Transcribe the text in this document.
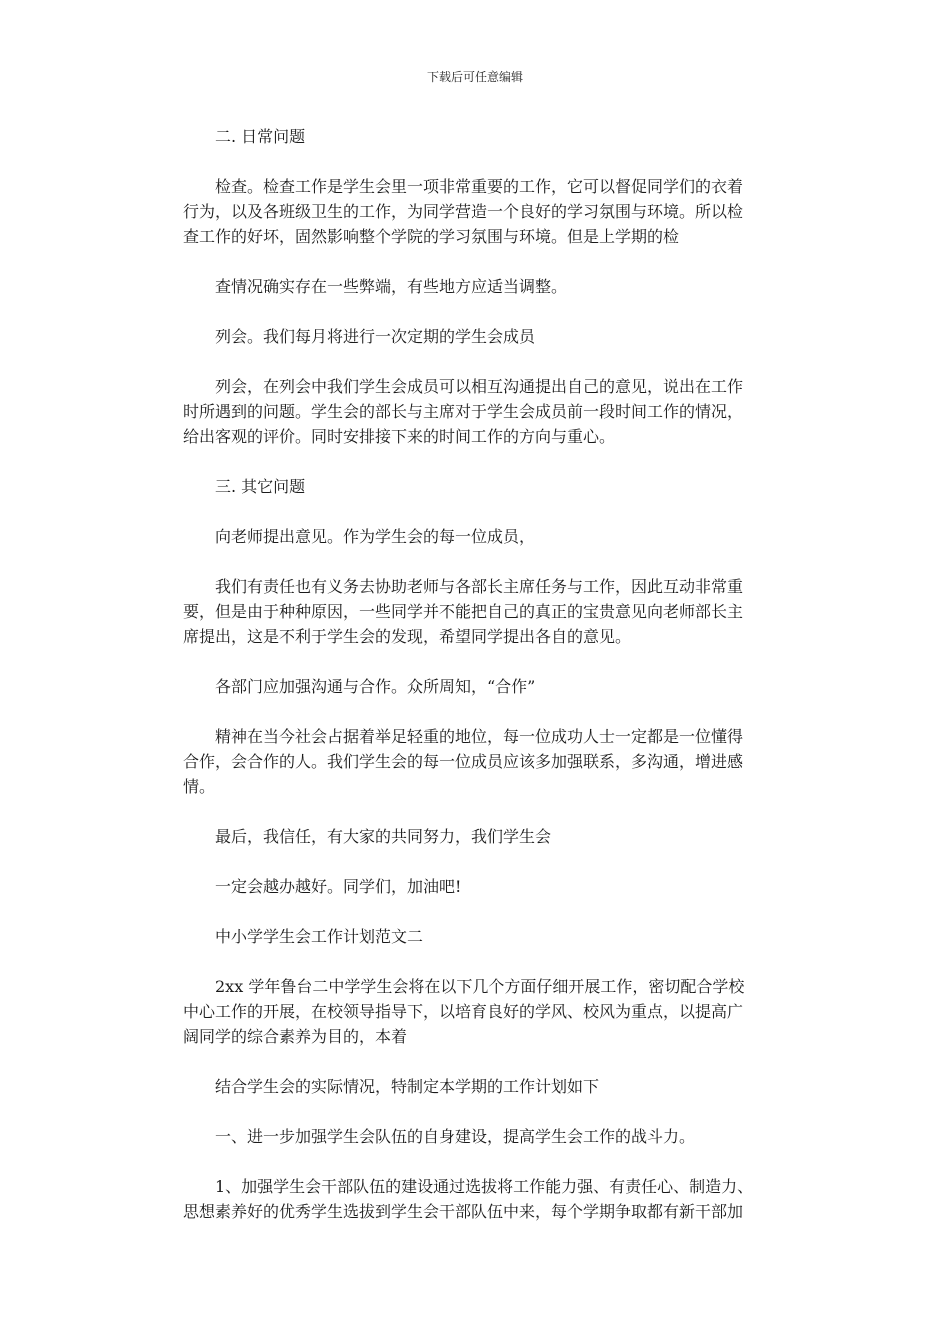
下载后可任意编辑
二. 日常问题
检查。检查工作是学生会里一项非常重要的工作，它可以督促同学们的衣着
行为，以及各班级卫生的工作，为同学营造一个良好的学习氛围与环境。所以检
查工作的好坏，固然影响整个学院的学习氛围与环境。但是上学期的检
查情况确实存在一些弊端，有些地方应适当调整。
列会。我们每月将进行一次定期的学生会成员
列会，在列会中我们学生会成员可以相互沟通提出自己的意见，说出在工作
时所遇到的问题。学生会的部长与主席对于学生会成员前一段时间工作的情况，
给出客观的评价。同时安排接下来的时间工作的方向与重心。
三. 其它问题
向老师提出意见。作为学生会的每一位成员，
我们有责任也有义务去协助老师与各部长主席任务与工作，因此互动非常重
要，但是由于种种原因，一些同学并不能把自己的真正的宝贵意见向老师部长主
席提出，这是不利于学生会的发现，希望同学提出各自的意见。
各部门应加强沟通与合作。众所周知，“合作”
精神在当今社会占据着举足轻重的地位，每一位成功人士一定都是一位懂得
合作，会合作的人。我们学生会的每一位成员应该多加强联系，多沟通，增进感
情。
最后，我信任，有大家的共同努力，我们学生会
一定会越办越好。同学们，加油吧!
中小学学生会工作计划范文二
2xx 学年鲁台二中学学生会将在以下几个方面仔细开展工作，密切配合学校
中心工作的开展，在校领导指导下，以培育良好的学风、校风为重点，以提高广
阔同学的综合素养为目的，本着
结合学生会的实际情况，特制定本学期的工作计划如下
一、进一步加强学生会队伍的自身建设，提高学生会工作的战斗力。
1、加强学生会干部队伍的建设通过选拔将工作能力强、有责任心、制造力、
思想素养好的优秀学生选拔到学生会干部队伍中来，每个学期争取都有新干部加
